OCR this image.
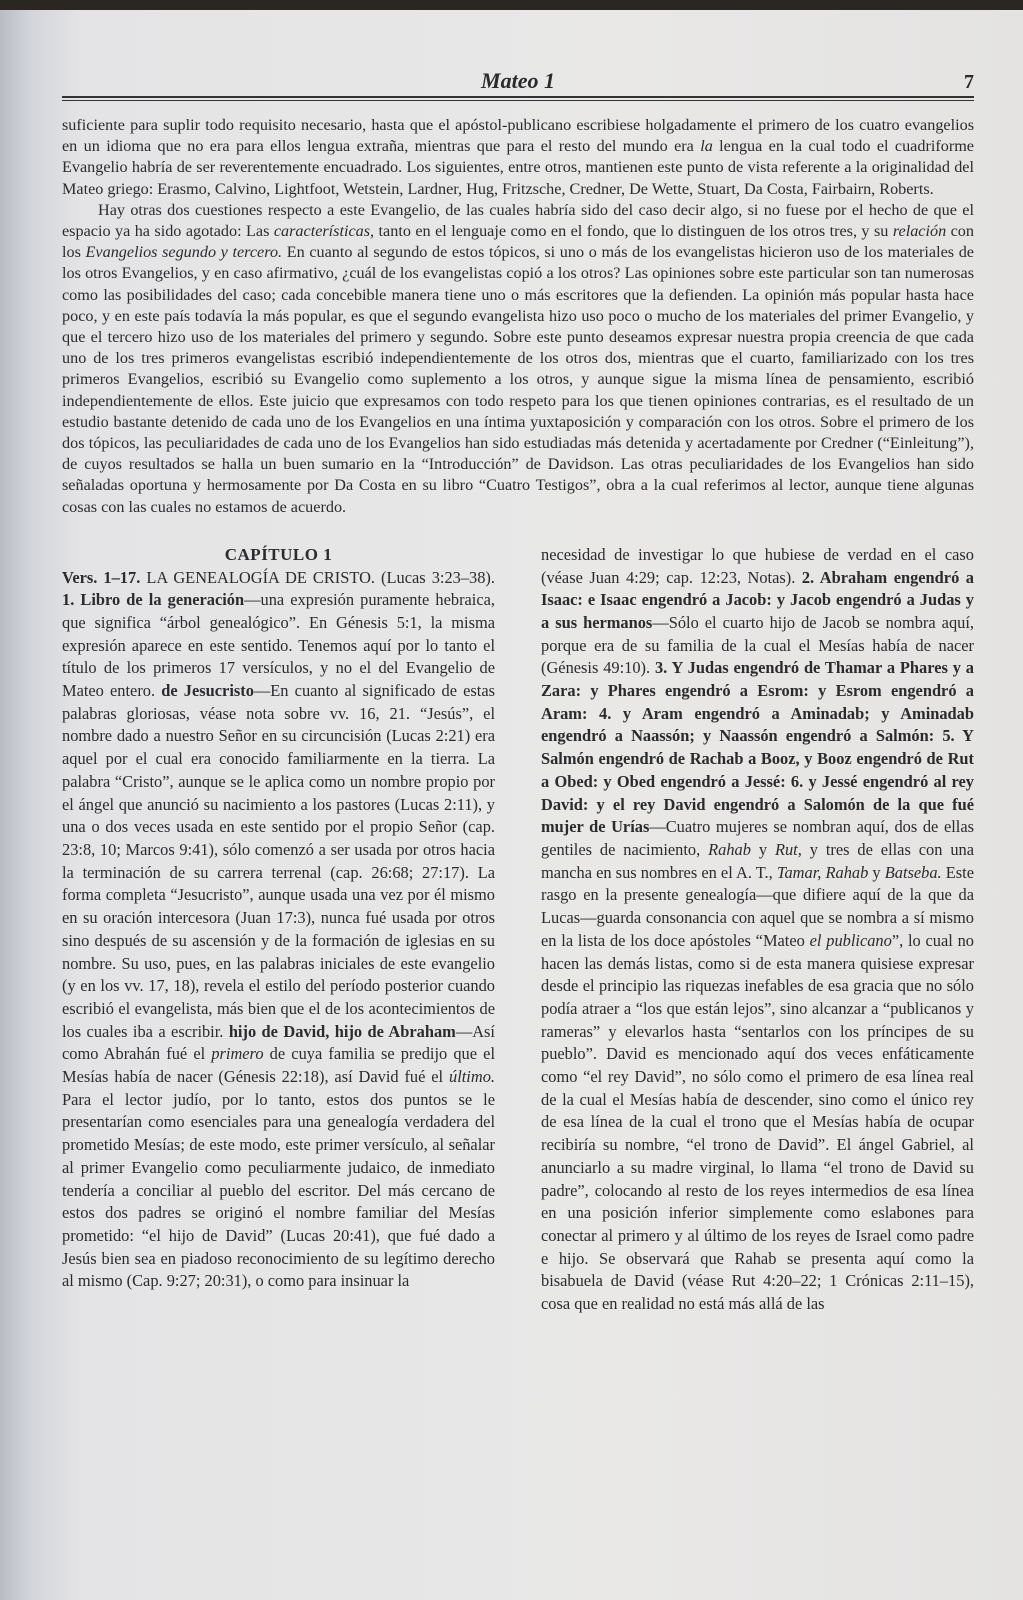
Mateo 1	7

suficiente para suplir todo requisito necesario, hasta que el apóstol-publicano escribiese holgadamente el primero de los cuatro evangelios en un idioma que no era para ellos lengua extraña, mientras que para el resto del mundo era la lengua en la cual todo el cuadriforme Evangelio habría de ser reverentemente encuadrado. Los siguientes, entre otros, mantienen este punto de vista referente a la originalidad del Mateo griego: Erasmo, Calvino, Lightfoot, Wetstein, Lardner, Hug, Fritzsche, Credner, De Wette, Stuart, Da Costa, Fairbairn, Roberts.

Hay otras dos cuestiones respecto a este Evangelio, de las cuales habría sido del caso decir algo, si no fuese por el hecho de que el espacio ya ha sido agotado: Las características, tanto en el lenguaje como en el fondo, que lo distinguen de los otros tres, y su relación con los Evangelios segundo y tercero. En cuanto al segundo de estos tópicos, si uno o más de los evangelistas hicieron uso de los materiales de los otros Evangelios, y en caso afirmativo, ¿cuál de los evangelistas copió a los otros? Las opiniones sobre este particular son tan numerosas como las posibilidades del caso; cada concebible manera tiene uno o más escritores que la defienden. La opinión más popular hasta hace poco, y en este país todavía la más popular, es que el segundo evangelista hizo uso poco o mucho de los materiales del primer Evangelio, y que el tercero hizo uso de los materiales del primero y segundo. Sobre este punto deseamos expresar nuestra propia creencia de que cada uno de los tres primeros evangelistas escribió independientemente de los otros dos, mientras que el cuarto, familiarizado con los tres primeros Evangelios, escribió su Evangelio como suplemento a los otros, y aunque sigue la misma línea de pensamiento, escribió independientemente de ellos. Este juicio que expresamos con todo respeto para los que tienen opiniones contrarias, es el resultado de un estudio bastante detenido de cada uno de los Evangelios en una íntima yuxtaposición y comparación con los otros. Sobre el primero de los dos tópicos, las peculiaridades de cada uno de los Evangelios han sido estudiadas más detenida y acertadamente por Credner (“Einleitung”), de cuyos resultados se halla un buen sumario en la “Introducción” de Davidson. Las otras peculiaridades de los Evangelios han sido señaladas oportuna y hermosamente por Da Costa en su libro “Cuatro Testigos”, obra a la cual referimos al lector, aunque tiene algunas cosas con las cuales no estamos de acuerdo.

CAPÍTULO 1

Vers. 1–17. LA GENEALOGÍA DE CRISTO. (Lucas 3:23–38). 1. Libro de la generación—una expresión puramente hebraica, que significa “árbol genealógico”. En Génesis 5:1, la misma expresión aparece en este sentido. Tenemos aquí por lo tanto el título de los primeros 17 versículos, y no el del Evangelio de Mateo entero. de Jesucristo—En cuanto al significado de estas palabras gloriosas, véase nota sobre vv. 16, 21. “Jesús”, el nombre dado a nuestro Señor en su circuncisión (Lucas 2:21) era aquel por el cual era conocido familiarmente en la tierra. La palabra “Cristo”, aunque se le aplica como un nombre propio por el ángel que anunció su nacimiento a los pastores (Lucas 2:11), y una o dos veces usada en este sentido por el propio Señor (cap. 23:8, 10; Marcos 9:41), sólo comenzó a ser usada por otros hacia la terminación de su carrera terrenal (cap. 26:68; 27:17). La forma completa “Jesucristo”, aunque usada una vez por él mismo en su oración intercesora (Juan 17:3), nunca fué usada por otros sino después de su ascensión y de la formación de iglesias en su nombre. Su uso, pues, en las palabras iniciales de este evangelio (y en los vv. 17, 18), revela el estilo del período posterior cuando escribió el evangelista, más bien que el de los acontecimientos de los cuales iba a escribir. hijo de David, hijo de Abraham—Así como Abrahán fué el primero de cuya familia se predijo que el Mesías había de nacer (Génesis 22:18), así David fué el último. Para el lector judío, por lo tanto, estos dos puntos se le presentarían como esenciales para una genealogía verdadera del prometido Mesías; de este modo, este primer versículo, al señalar al primer Evangelio como peculiarmente judaico, de inmediato tendería a conciliar al pueblo del escritor. Del más cercano de estos dos padres se originó el nombre familiar del Mesías prometido: “el hijo de David” (Lucas 20:41), que fué dado a Jesús bien sea en piadoso reconocimiento de su legítimo derecho al mismo (Cap. 9:27; 20:31), o como para insinuar la

necesidad de investigar lo que hubiese de verdad en el caso (véase Juan 4:29; cap. 12:23, Notas). 2. Abraham engendró a Isaac: e Isaac engendró a Jacob: y Jacob engendró a Judas y a sus hermanos—Sólo el cuarto hijo de Jacob se nombra aquí, porque era de su familia de la cual el Mesías había de nacer (Génesis 49:10). 3. Y Judas engendró de Thamar a Phares y a Zara: y Phares engendró a Esrom: y Esrom engendró a Aram: 4. y Aram engendró a Aminadab; y Aminadab engendró a Naassón; y Naassón engendró a Salmón: 5. Y Salmón engendró de Rachab a Booz, y Booz engendró de Rut a Obed: y Obed engendró a Jessé: 6. y Jessé engendró al rey David: y el rey David engendró a Salomón de la que fué mujer de Urías—Cuatro mujeres se nombran aquí, dos de ellas gentiles de nacimiento, Rahab y Rut, y tres de ellas con una mancha en sus nombres en el A. T., Tamar, Rahab y Batseba. Este rasgo en la presente genealogía—que difiere aquí de la que da Lucas—guarda consonancia con aquel que se nombra a sí mismo en la lista de los doce apóstoles “Mateo el publicano”, lo cual no hacen las demás listas, como si de esta manera quisiese expresar desde el principio las riquezas inefables de esa gracia que no sólo podía atraer a “los que están lejos”, sino alcanzar a “publicanos y rameras” y elevarlos hasta “sentarlos con los príncipes de su pueblo”. David es mencionado aquí dos veces enfáticamente como “el rey David”, no sólo como el primero de esa línea real de la cual el Mesías había de descender, sino como el único rey de esa línea de la cual el trono que el Mesías había de ocupar recibiría su nombre, “el trono de David”. El ángel Gabriel, al anunciarlo a su madre virginal, lo llama “el trono de David su padre”, colocando al resto de los reyes intermedios de esa línea en una posición inferior simplemente como eslabones para conectar al primero y al último de los reyes de Israel como padre e hijo. Se observará que Rahab se presenta aquí como la bisabuela de David (véase Rut 4:20–22; 1 Crónicas 2:11–15), cosa que en realidad no está más allá de las
